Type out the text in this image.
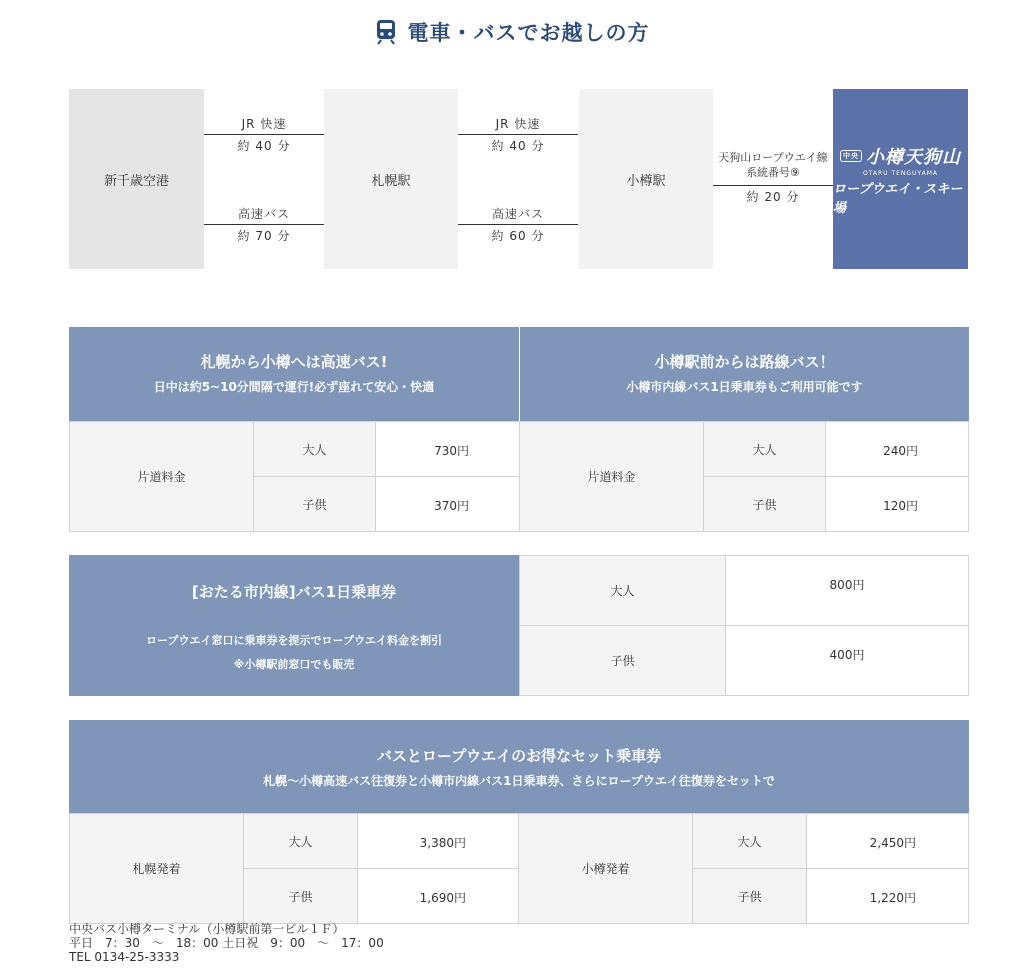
電車・バスでお越しの方
新千歳空港	札幌駅	小樽駅
JR 快速
約 40 分
高速バス
約 70 分
JR 快速
約 40 分
高速バス
約 60 分
天狗山ロープウエイ線
系統番号⑨
約 20 分
中央 小樽天狗山
OTARU TENGUYAMA
ロープウエイ・スキー場
札幌から小樽へは高速バス!
日中は約5~10分間隔で運行!必ず座れて安心・快適
小樽駅前からは路線バス！
小樽市内線バス1日乗車券もご利用可能です
片道料金
大人	730円
子供	370円
片道料金
大人	240円
子供	120円
[おたる市内線]バス1日乗車券
ロープウエイ窓口に乗車券を提示でロープウエイ料金を割引
※小樽駅前窓口でも販売
大人	800円
子供	400円
バスとロープウエイのお得なセット乗車券
札幌～小樽高速バス往復券と小樽市内線バス1日乗車券、さらにロープウエイ往復券をセットで
札幌発着
大人	3,380円
子供	1,690円
小樽発着
大人	2,450円
子供	1,220円
中央バス小樽ターミナル（小樽駅前第一ビル１Ｆ）
平日　7：30　～　18：00 土日祝　9：00　～　17：00
TEL 0134-25-3333
